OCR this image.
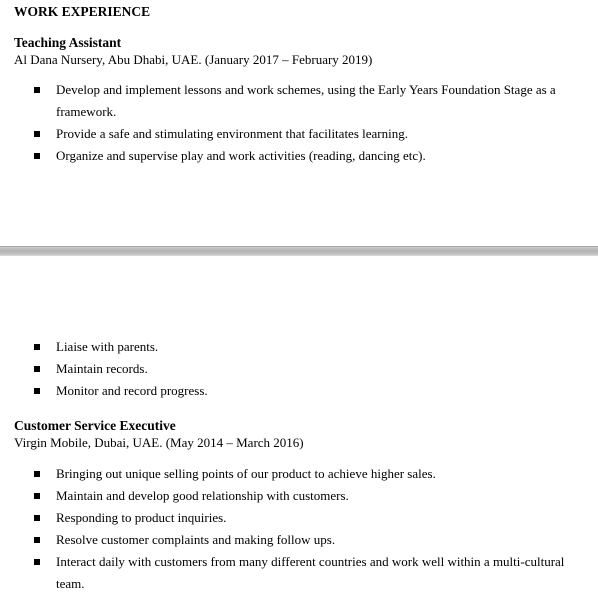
WORK EXPERIENCE
Teaching Assistant
Al Dana Nursery, Abu Dhabi, UAE. (January 2017 – February 2019)
Develop and implement lessons and work schemes, using the Early Years Foundation Stage as a
framework.
Provide a safe and stimulating environment that facilitates learning.
Organize and supervise play and work activities (reading, dancing etc).
Liaise with parents.
Maintain records.
Monitor and record progress.
Customer Service Executive
Virgin Mobile, Dubai, UAE. (May 2014 – March 2016)
Bringing out unique selling points of our product to achieve higher sales.
Maintain and develop good relationship with customers.
Responding to product inquiries.
Resolve customer complaints and making follow ups.
Interact daily with customers from many different countries and work well within a multi-cultural
team.
